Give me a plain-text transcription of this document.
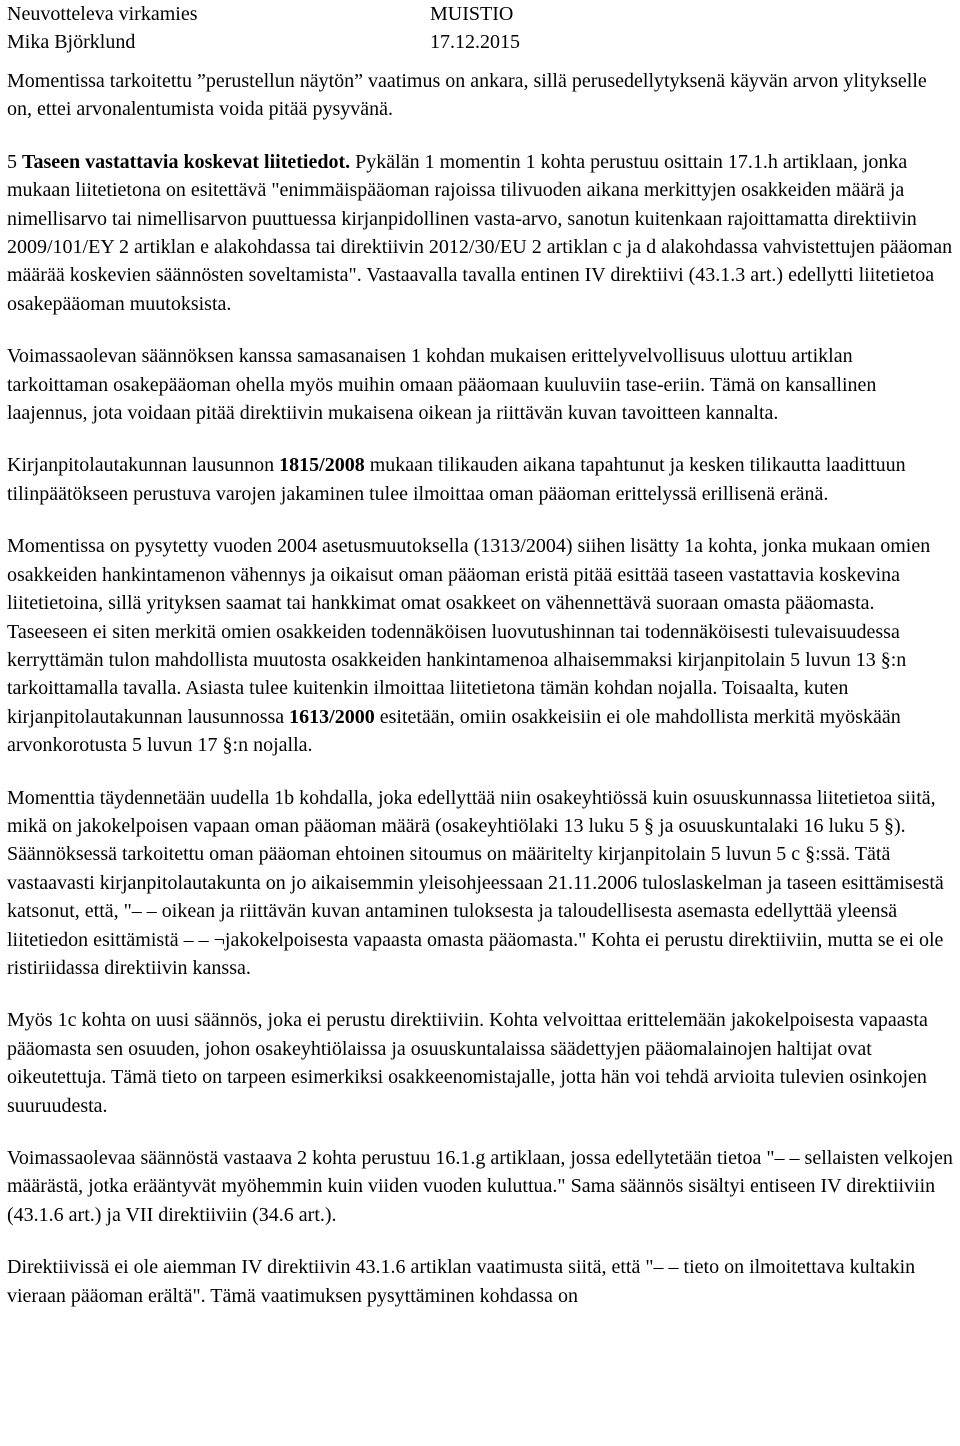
Neuvotteleva virkamies	MUISTIO
Mika Björklund	17.12.2015

Momentissa tarkoitettu ”perustellun näytön” vaatimus on ankara, sillä perusedellytyksenä käyvän arvon ylitykselle on, ettei arvonalentumista voida pitää pysyvänä.

5 Taseen vastattavia koskevat liitetiedot. Pykälän 1 momentin 1 kohta perustuu osittain 17.1.h artiklaan, jonka mukaan liitetietona on esitettävä "enimmäispääoman rajoissa tilivuoden aikana merkittyjen osakkeiden määrä ja nimellisarvo tai nimellisarvon puuttuessa kirjanpidollinen vasta-arvo, sanotun kuitenkaan rajoittamatta direktiivin 2009/101/EY 2 artiklan e alakohdassa tai direktiivin 2012/30/EU 2 artiklan c ja d alakohdassa vahvistettujen pääoman määrää koskevien säännösten soveltamista". Vastaavalla tavalla entinen IV direktiivi (43.1.3 art.) edellytti liitetietoa osakepääoman muutoksista.

Voimassaolevan säännöksen kanssa samasanaisen 1 kohdan mukaisen erittelyvelvollisuus ulottuu artiklan tarkoittaman osakepääoman ohella myös muihin omaan pääomaan kuuluviin tase-eriin. Tämä on kansallinen laajennus, jota voidaan pitää direktiivin mukaisena oikean ja riittävän kuvan tavoitteen kannalta.

Kirjanpitolautakunnan lausunnon 1815/2008 mukaan tilikauden aikana tapahtunut ja kesken tilikautta laadittuun tilinpäätökseen perustuva varojen jakaminen tulee ilmoittaa oman pääoman erittelyssä erillisenä eränä.

Momentissa on pysytetty vuoden 2004 asetusmuutoksella (1313/2004) siihen lisätty 1a kohta, jonka mukaan omien osakkeiden hankintamenon vähennys ja oikaisut oman pääoman eristä pitää esittää taseen vastattavia koskevina liitetietoina, sillä yrityksen saamat tai hankkimat omat osakkeet on vähennettävä suoraan omasta pääomasta. Taseeseen ei siten merkitä omien osakkeiden todennäköisen luovutushinnan tai todennäköisesti tulevaisuudessa kerryttämän tulon mahdollista muutosta osakkeiden hankintamenoa alhaisemmaksi kirjanpitolain 5 luvun 13 §:n tarkoittamalla tavalla. Asiasta tulee kuitenkin ilmoittaa liitetietona tämän kohdan nojalla. Toisaalta, kuten kirjanpitolautakunnan lausunnossa 1613/2000 esitetään, omiin osakkeisiin ei ole mahdollista merkitä myöskään arvonkorotusta 5 luvun 17 §:n nojalla.

Momenttia täydennetään uudella 1b kohdalla, joka edellyttää niin osakeyhtiössä kuin osuuskunnassa liitetietoa siitä, mikä on jakokelpoisen vapaan oman pääoman määrä (osakeyhtiölaki 13 luku 5 § ja osuuskuntalaki 16 luku 5 §). Säännöksessä tarkoitettu oman pääoman ehtoinen sitoumus on määritelty kirjanpitolain 5 luvun 5 c §:ssä. Tätä vastaavasti kirjanpitolautakunta on jo aikaisemmin yleisohjeessaan 21.11.2006 tuloslaskelman ja taseen esittämisestä katsonut, että, "– – oikean ja riittävän kuvan antaminen tuloksesta ja taloudellisesta asemasta edellyttää yleensä liitetiedon esittämistä – – ¬jakokelpoisesta vapaasta omasta pääomasta." Kohta ei perustu direktiiviin, mutta se ei ole ristiriidassa direktiivin kanssa.

Myös 1c kohta on uusi säännös, joka ei perustu direktiiviin. Kohta velvoittaa erittelemään jakokelpoisesta vapaasta pääomasta sen osuuden, johon osakeyhtiölaissa ja osuuskuntalaissa säädettyjen pääomalainojen haltijat ovat oikeutettuja. Tämä tieto on tarpeen esimerkiksi osakkeenomistajalle, jotta hän voi tehdä arvioita tulevien osinkojen suuruudesta.

Voimassaolevaa säännöstä vastaava 2 kohta perustuu 16.1.g artiklaan, jossa edellytetään tietoa "– – sellaisten velkojen määrästä, jotka erääntyvät myöhemmin kuin viiden vuoden kuluttua." Sama säännös sisältyi entiseen IV direktiiviin (43.1.6 art.) ja VII direktiiviin (34.6 art.).

Direktiivissä ei ole aiemman IV direktiivin 43.1.6 artiklan vaatimusta siitä, että "– – tieto on ilmoitettava kultakin vieraan pääoman erältä". Tämä vaatimuksen pysyttäminen kohdassa on
